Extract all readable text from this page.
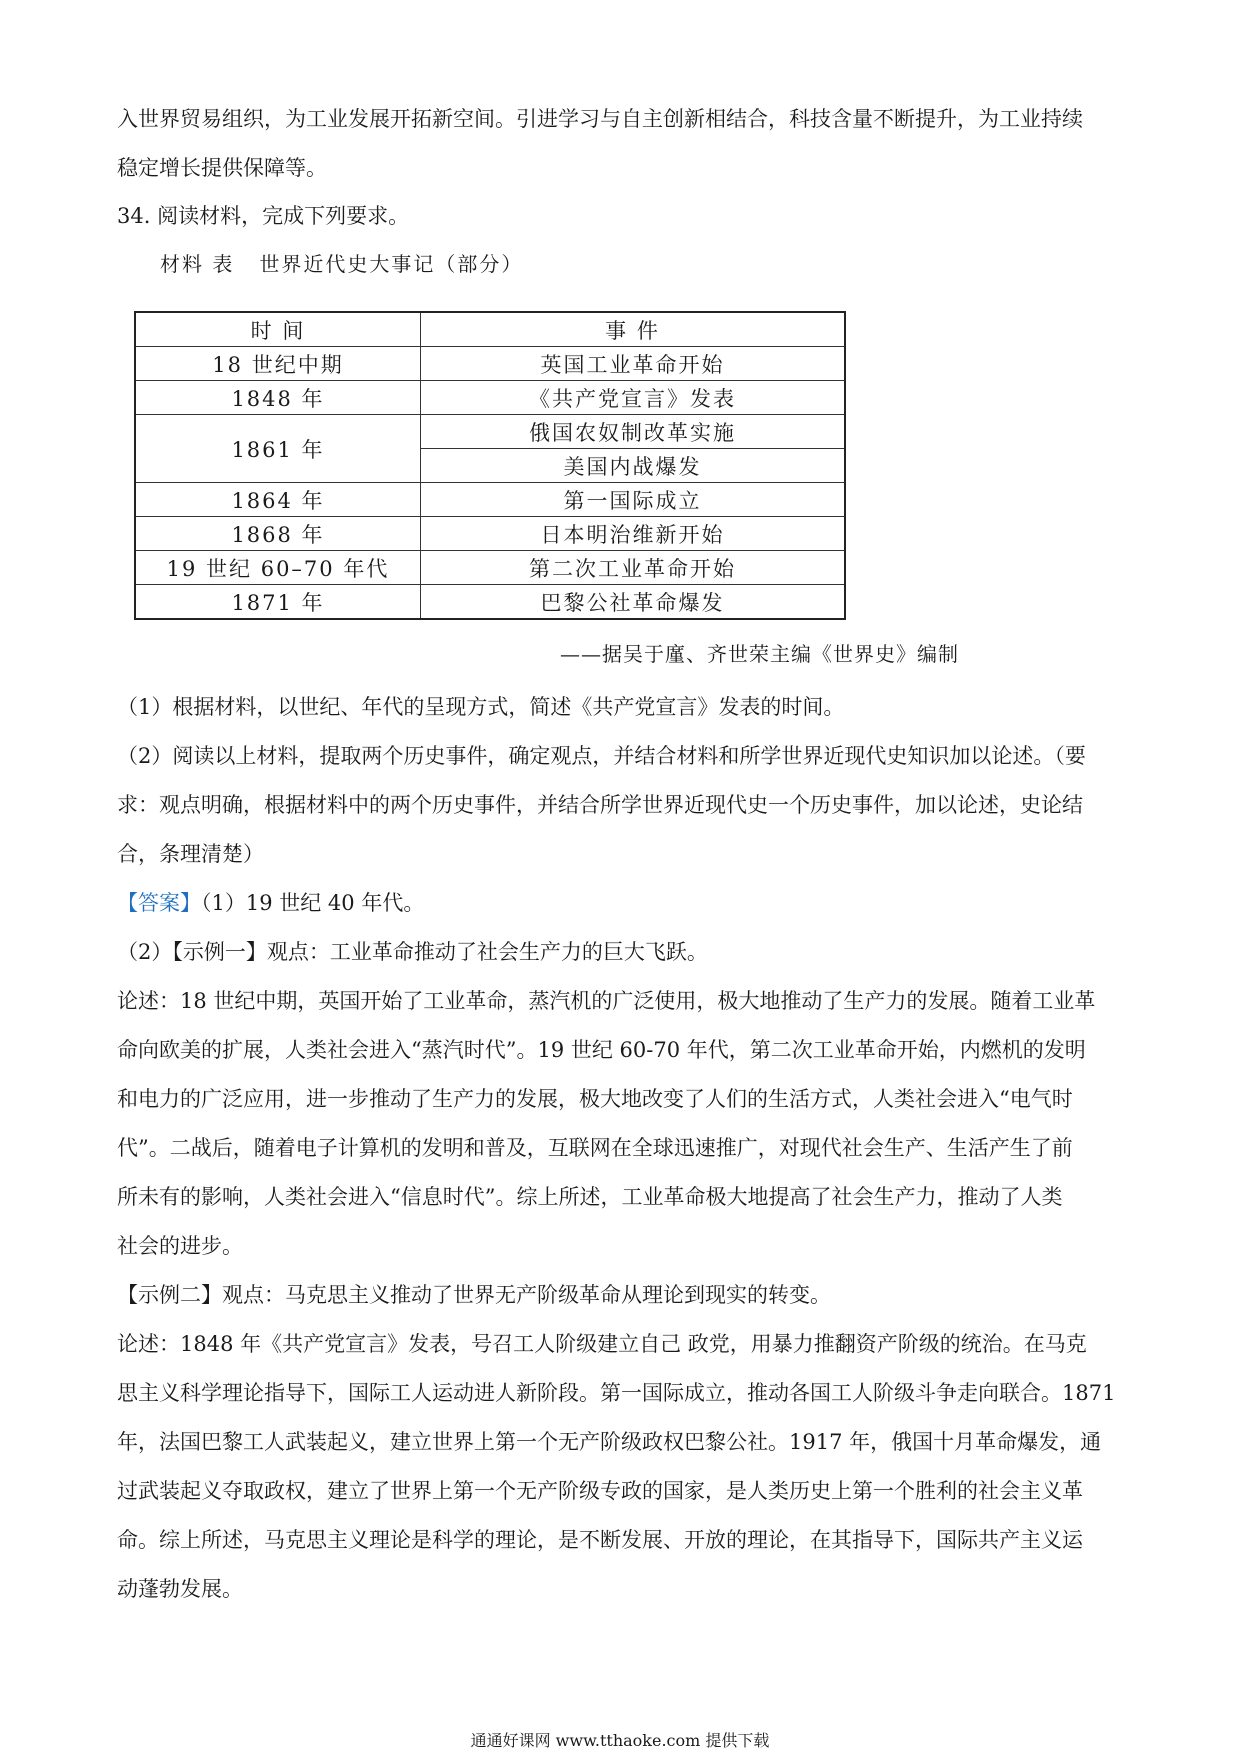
入世界贸易组织，为工业发展开拓新空间。引进学习与自主创新相结合，科技含量不断提升，为工业持续
稳定增长提供保障等。

34. 阅读材料，完成下列要求。

材料 表   世界近代史大事记（部分）
时 间	事 件
18 世纪中期	英国工业革命开始
1848 年	《共产党宣言》发表
1861 年	俄国农奴制改革实施
	美国内战爆发
1864 年	第一国际成立
1868 年	日本明治维新开始
19 世纪 60–70 年代	第二次工业革命开始
1871 年	巴黎公社革命爆发
——据吴于廑、齐世荣主编《世界史》编制

（1）根据材料，以世纪、年代的呈现方式，简述《共产党宣言》发表的时间。

（2）阅读以上材料，提取两个历史事件，确定观点，并结合材料和所学世界近现代史知识加以论述。（要
求：观点明确，根据材料中的两个历史事件，并结合所学世界近现代史一个历史事件，加以论述，史论结
合，条理清楚）

【答案】（1）19 世纪 40 年代。

（2）【示例一】观点：工业革命推动了社会生产力的巨大飞跃。

论述：18 世纪中期，英国开始了工业革命，蒸汽机的广泛使用，极大地推动了生产力的发展。随着工业革
命向欧美的扩展，人类社会进入“蒸汽时代”。19 世纪 60-70 年代，第二次工业革命开始，内燃机的发明
和电力的广泛应用，进一步推动了生产力的发展，极大地改变了人们的生活方式，人类社会进入“电气时
代”。二战后，随着电子计算机的发明和普及，互联网在全球迅速推广，对现代社会生产、生活产生了前
所未有的影响，人类社会进入“信息时代”。综上所述，工业革命极大地提高了社会生产力，推动了人类
社会的进步。

【示例二】观点：马克思主义推动了世界无产阶级革命从理论到现实的转变。

论述：1848 年《共产党宣言》发表，号召工人阶级建立自己 政党，用暴力推翻资产阶级的统治。在马克
思主义科学理论指导下，国际工人运动进人新阶段。第一国际成立，推动各国工人阶级斗争走向联合。1871
年，法国巴黎工人武装起义，建立世界上第一个无产阶级政权巴黎公社。1917 年，俄国十月革命爆发，通
过武装起义夺取政权，建立了世界上第一个无产阶级专政的国家，是人类历史上第一个胜利的社会主义革
命。综上所述，马克思主义理论是科学的理论，是不断发展、开放的理论，在其指导下，国际共产主义运
动蓬勃发展。

通通好课网 www.tthaoke.com 提供下载
